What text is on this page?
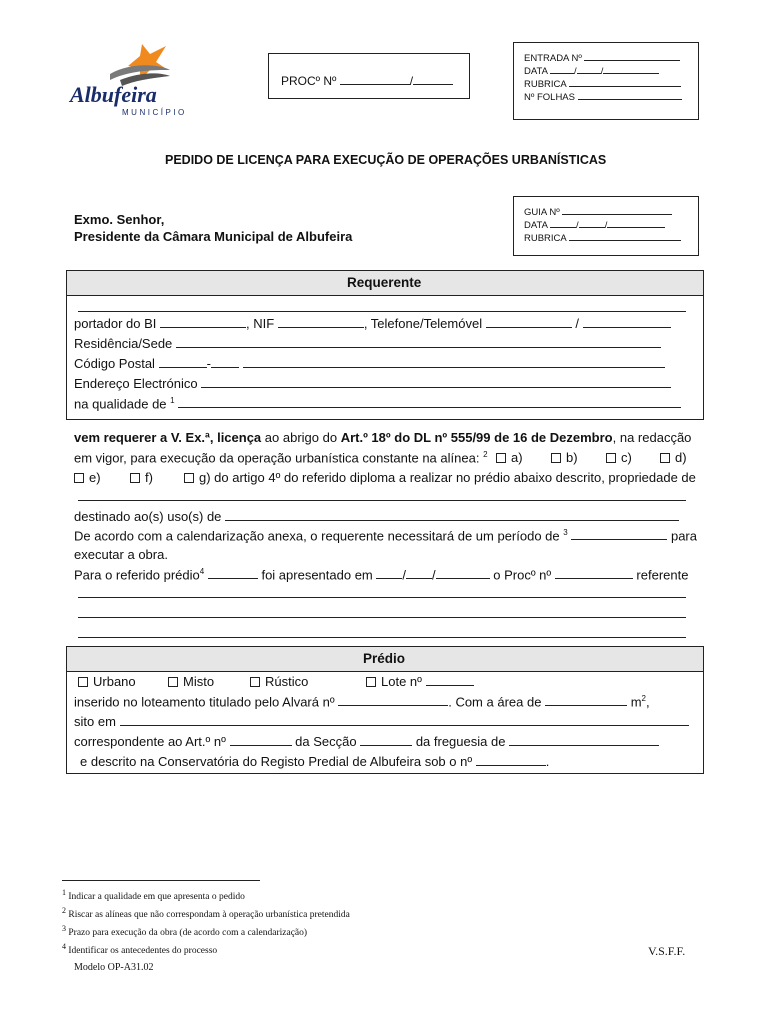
Albufeira
MUNICÍPIO
PROCº Nº	/
ENTRADA Nº
DATA	/	/
RUBRICA
Nº FOLHAS
PEDIDO DE LICENÇA PARA EXECUÇÃO DE OPERAÇÕES URBANÍSTICAS
Exmo. Senhor,
Presidente da Câmara Municipal de Albufeira
GUIA Nº
DATA	/	/
RUBRICA
Requerente
portador do BI	, NIF	, Telefone/Telemóvel	/
Residência/Sede
Código Postal	-
Endereço Electrónico
na qualidade de $^1$
vem requerer a V. Ex.ª, licença ao abrigo do Art.º 18º do DL nº 555/99 de 16 de Dezembro, na redacção
em vigor, para execução da operação urbanística constante na alínea: $^2$	a)	b)	c)	d)
e)	f)	g) do artigo 4º do referido diploma a realizar no prédio abaixo descrito, propriedade de
destinado ao(s) uso(s) de
De acordo com a calendarização anexa, o requerente necessitará de um período de $^3$	para
executar a obra.
Para o referido prédio$^4$	foi apresentado em / /	o Procº nº	referente
Prédio
Urbano	Misto	Rústico	Lote nº
inserido no loteamento titulado pelo Alvará nº	. Com a área de	$m^2$,
sito em
correspondente ao Art.º nº	da Secção	da freguesia de
e descrito na Conservatória do Registo Predial de Albufeira sob o nº	.
$^1$ Indicar a qualidade em que apresenta o pedido
$^2$ Riscar as alíneas que não correspondam à operação urbanística pretendida
$^3$ Prazo para execução da obra (de acordo com a calendarização)
$^4$ Identificar os antecedentes do processo	V.S.F.F.
Modelo OP-A31.02
